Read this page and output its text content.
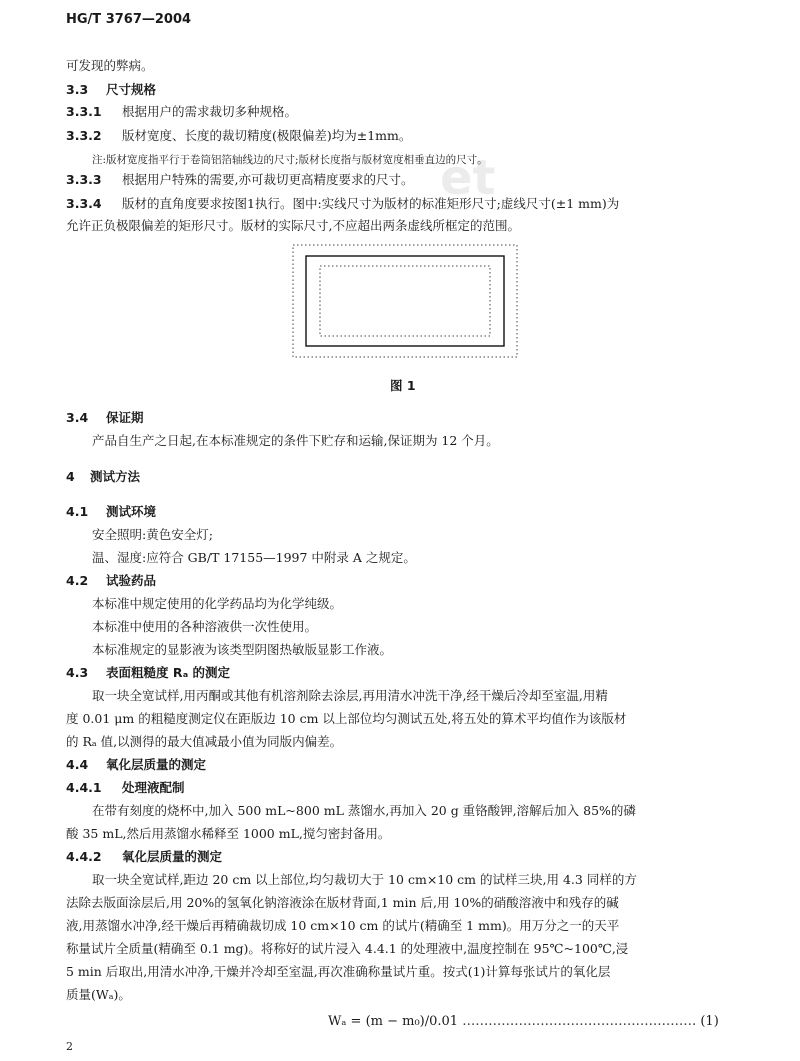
HG/T 3767—2004
et
可发现的弊病。
3.3 尺寸规格
3.3.1 根据用户的需求裁切多种规格。
3.3.2 版材宽度、长度的裁切精度(极限偏差)均为±1mm。
注:版材宽度指平行于卷筒铝箔轴线边的尺寸;版材长度指与版材宽度相垂直边的尺寸。
3.3.3 根据用户特殊的需要,亦可裁切更高精度要求的尺寸。
3.3.4 版材的直角度要求按图1执行。图中:实线尺寸为版材的标准矩形尺寸;虚线尺寸(±1 mm)为
允许正负极限偏差的矩形尺寸。版材的实际尺寸,不应超出两条虚线所框定的范围。
图 1
3.4 保证期
产品自生产之日起,在本标准规定的条件下贮存和运输,保证期为 12 个月。
4 测试方法
4.1 测试环境
安全照明:黄色安全灯;
温、湿度:应符合 GB/T 17155—1997 中附录 A 之规定。
4.2 试验药品
本标准中规定使用的化学药品均为化学纯级。
本标准中使用的各种溶液供一次性使用。
本标准规定的显影液为该类型阴图热敏版显影工作液。
4.3 表面粗糙度 Rₐ 的测定
取一块全宽试样,用丙酮或其他有机溶剂除去涂层,再用清水冲洗干净,经干燥后冷却至室温,用精
度 0.01 μm 的粗糙度测定仪在距版边 10 cm 以上部位均匀测试五处,将五处的算术平均值作为该版材
的 Rₐ 值,以测得的最大值减最小值为同版内偏差。
4.4 氧化层质量的测定
4.4.1 处理液配制
在带有刻度的烧杯中,加入 500 mL~800 mL 蒸馏水,再加入 20 g 重铬酸钾,溶解后加入 85%的磷
酸 35 mL,然后用蒸馏水稀释至 1000 mL,搅匀密封备用。
4.4.2 氧化层质量的测定
取一块全宽试样,距边 20 cm 以上部位,均匀裁切大于 10 cm×10 cm 的试样三块,用 4.3 同样的方
法除去版面涂层后,用 20%的氢氧化钠溶液涂在版材背面,1 min 后,用 10%的硝酸溶液中和残存的碱
液,用蒸馏水冲净,经干燥后再精确裁切成 10 cm×10 cm 的试片(精确至 1 mm)。用万分之一的天平
称量试片全质量(精确至 0.1 mg)。将称好的试片浸入 4.4.1 的处理液中,温度控制在 95℃~100℃,浸
5 min 后取出,用清水冲净,干燥并冷却至室温,再次准确称量试片重。按式(1)计算每张试片的氧化层
质量(Wₐ)。
Wₐ = (m − m₀)/0.01 ……………………………………………… (1)
2
